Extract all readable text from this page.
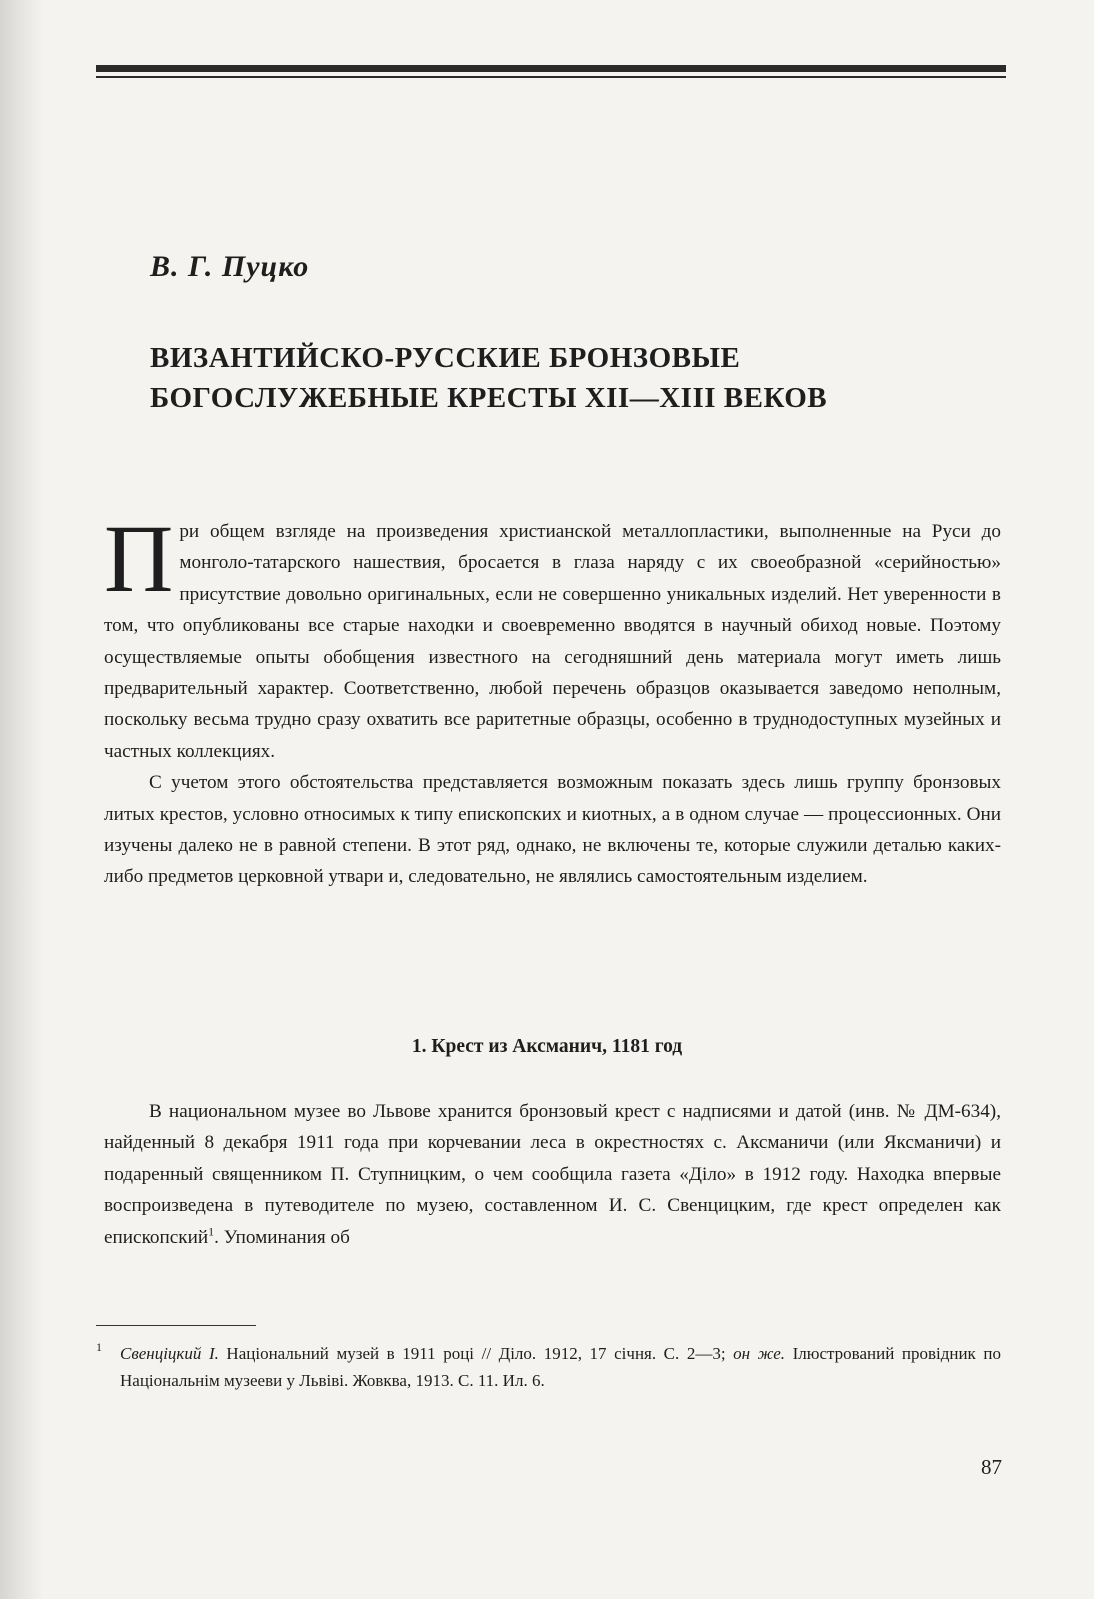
В. Г. Пуцко
ВИЗАНТИЙСКО-РУССКИЕ БРОНЗОВЫЕ
БОГОСЛУЖЕБНЫЕ КРЕСТЫ XII—XIII ВЕКОВ

При общем взгляде на произведения христианской металлопластики, выполненные на Руси до монголо-татарского нашествия, бросается в глаза наряду с их своеобразной «серийностью» присутствие довольно оригинальных, если не совершенно уникальных изделий. Нет уверенности в том, что опубликованы все старые находки и своевременно вводятся в научный обиход новые. Поэтому осуществляемые опыты обобщения известного на сегодняшний день материала могут иметь лишь предварительный характер. Соответственно, любой перечень образцов оказывается заведомо неполным, поскольку весьма трудно сразу охватить все раритетные образцы, особенно в труднодоступных музейных и частных коллекциях.

С учетом этого обстоятельства представляется возможным показать здесь лишь группу бронзовых литых крестов, условно относимых к типу епископских и киотных, а в одном случае — процессионных. Они изучены далеко не в равной степени. В этот ряд, однако, не включены те, которые служили деталью каких-либо предметов церковной утвари и, следовательно, не являлись самостоятельным изделием.

1. Крест из Аксманич, 1181 год

В национальном музее во Львове хранится бронзовый крест с надписями и датой (инв. № ДМ-634), найденный 8 декабря 1911 года при корчевании леса в окрестностях с. Аксманичи (или Яксманичи) и подаренный священником П. Ступницким, о чем сообщила газета «Дiло» в 1912 году. Находка впервые воспроизведена в путеводителе по музею, составленном И. С. Свенцицким, где крест определен как епископский$^1$. Упоминания об

1 Свенцiцкий I. Нацiональний музей в 1911 роцi // Дiло. 1912, 17 сiчня. С. 2—3; он же. Iлюстрований провiдник по Нацiональнiм музееви у Львiвi. Жовква, 1913. С. 11. Ил. 6.
87
